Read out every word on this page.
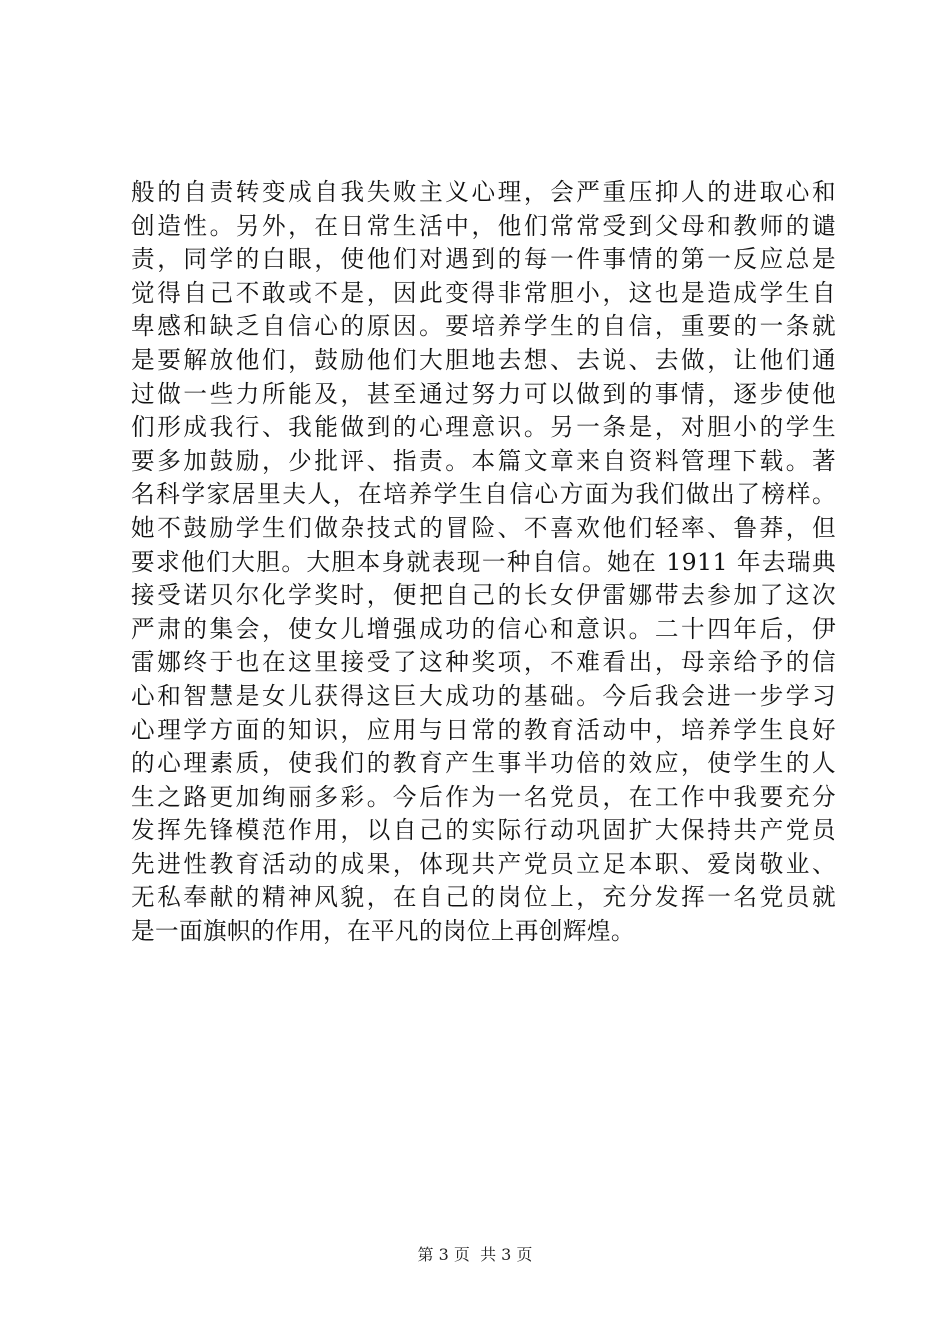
般的自责转变成自我失败主义心理，会严重压抑人的进取心和
创造性。另外，在日常生活中，他们常常受到父母和教师的谴
责，同学的白眼，使他们对遇到的每一件事情的第一反应总是
觉得自己不敢或不是，因此变得非常胆小，这也是造成学生自
卑感和缺乏自信心的原因。要培养学生的自信，重要的一条就
是要解放他们，鼓励他们大胆地去想、去说、去做，让他们通
过做一些力所能及，甚至通过努力可以做到的事情，逐步使他
们形成我行、我能做到的心理意识。另一条是，对胆小的学生
要多加鼓励，少批评、指责。本篇文章来自资料管理下载。著
名科学家居里夫人，在培养学生自信心方面为我们做出了榜样。
她不鼓励学生们做杂技式的冒险、不喜欢他们轻率、鲁莽，但
要求他们大胆。大胆本身就表现一种自信。她在 1911 年去瑞典
接受诺贝尔化学奖时，便把自己的长女伊雷娜带去参加了这次
严肃的集会，使女儿增强成功的信心和意识。二十四年后，伊
雷娜终于也在这里接受了这种奖项，不难看出，母亲给予的信
心和智慧是女儿获得这巨大成功的基础。今后我会进一步学习
心理学方面的知识，应用与日常的教育活动中，培养学生良好
的心理素质，使我们的教育产生事半功倍的效应，使学生的人
生之路更加绚丽多彩。今后作为一名党员，在工作中我要充分
发挥先锋模范作用，以自己的实际行动巩固扩大保持共产党员
先进性教育活动的成果，体现共产党员立足本职、爱岗敬业、
无私奉献的精神风貌，在自己的岗位上，充分发挥一名党员就
是一面旗帜的作用，在平凡的岗位上再创辉煌。
第 3 页  共 3 页
